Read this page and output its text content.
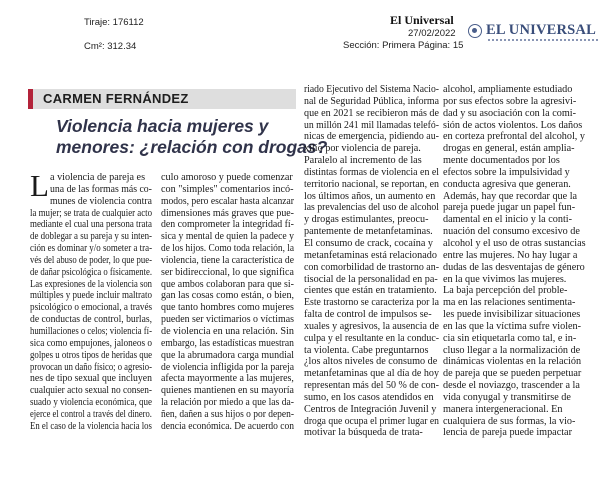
Tiraje: 176112
Cm²: 312.34
El Universal
27/02/2022
Sección: Primera Página: 15
EL UNIVERSAL
CARMEN FERNÁNDEZ
Violencia hacia mujeres y
menores: ¿relación con drogas?
L a violencia de pareja es
una de las formas más co-
munes de violencia contra
la mujer; se trata de cualquier acto
mediante el cual una persona trata
de doblegar a su pareja y su inten-
ción es dominar y/o someter a tra-
vés del abuso de poder, lo que pue-
de dañar psicológica o físicamente.
Las expresiones de la violencia son
múltiples y puede incluir maltrato
psicológico o emocional, a través
de conductas de control, burlas,
humillaciones o celos; violencia fí-
sica como empujones, jaloneos o
golpes u otros tipos de heridas que
provocan un daño físico; o agresio-
nes de tipo sexual que incluyen
cualquier acto sexual no consen-
suado y violencia económica, que
ejerce el control a través del dinero.
En el caso de la violencia hacia los
culo amoroso y puede comenzar
con "simples" comentarios incó-
modos, pero escalar hasta alcanzar
dimensiones más graves que pue-
den comprometer la integridad fí-
sica y mental de quien la padece y
de los hijos. Como toda relación, la
violencia, tiene la característica de
ser bidireccional, lo que significa
que ambos colaboran para que si-
gan las cosas como están, o bien,
que tanto hombres como mujeres
pueden ser victimarios o víctimas
de violencia en una relación. Sin
embargo, las estadísticas muestran
que la abrumadora carga mundial
de violencia infligida por la pareja
afecta mayormente a las mujeres,
quienes mantienen en su mayoría
la relación por miedo a que las da-
ñen, dañen a sus hijos o por depen-
dencia económica. De acuerdo con
riado Ejecutivo del Sistema Nacio-
nal de Seguridad Pública, informa
que en 2021 se recibieron más de
un millón 241 mil llamadas telefó-
nicas de emergencia, pidiendo au-
xilio por violencia de pareja.
Paralelo al incremento de las
distintas formas de violencia en el
territorio nacional, se reportan, en
los últimos años, un aumento en
las prevalencias del uso de alcohol
y drogas estimulantes, preocu-
pantemente de metanfetaminas.
El consumo de crack, cocaína y
metanfetaminas está relacionado
con comorbilidad de trastorno an-
tisocial de la personalidad en pa-
cientes que están en tratamiento.
Este trastorno se caracteriza por la
falta de control de impulsos se-
xuales y agresivos, la ausencia de
culpa y el resultante en la conduc-
ta violenta. Cabe preguntarnos
¿los altos niveles de consumo de
metanfetaminas que al día de hoy
representan más del 50 % de con-
sumo, en los casos atendidos en
Centros de Integración Juvenil y
droga que ocupa el primer lugar en
motivar la búsqueda de trata-
alcohol, ampliamente estudiado
por sus efectos sobre la agresivi-
dad y su asociación con la comi-
sión de actos violentos. Los daños
en corteza prefrontal del alcohol, y
drogas en general, están amplia-
mente documentados por los
efectos sobre la impulsividad y
conducta agresiva que generan.
Además, hay que recordar que la
pareja puede jugar un papel fun-
damental en el inicio y la conti-
nuación del consumo excesivo de
alcohol y el uso de otras sustancias
entre las mujeres. No hay lugar a
dudas de las desventajas de género
en la que vivimos las mujeres.
La baja percepción del proble-
ma en las relaciones sentimenta-
les puede invisibilizar situaciones
en las que la víctima sufre violen-
cia sin etiquetarla como tal, e in-
cluso llegar a la normalización de
dinámicas violentas en la relación
de pareja que se pueden perpetuar
desde el noviazgo, trascender a la
vida conyugal y transmitirse de
manera intergeneracional. En
cualquiera de sus formas, la vio-
lencia de pareja puede impactar
